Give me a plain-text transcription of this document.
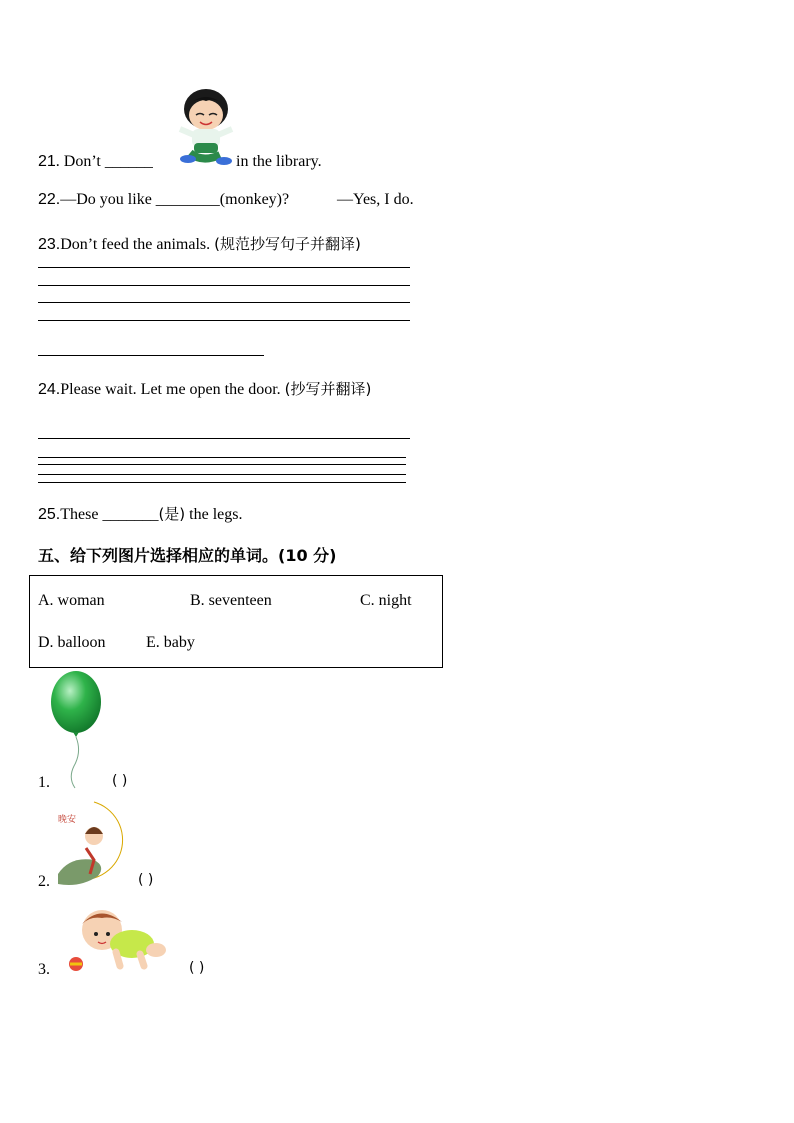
21. Don’t ______	in the library.
22.—Do you like ________(monkey)?	—Yes, I do.
23.Don’t feed the animals. (规范抄写句子并翻译)
24.Please wait. Let me open the door. (抄写并翻译)
25.These _______(是) the legs.
五、给下列图片选择相应的单词。(10 分)
A. woman	B. seventeen	C. night
D. balloon	E. baby
1.	( )
晚安
2.	( )
3.	( )
